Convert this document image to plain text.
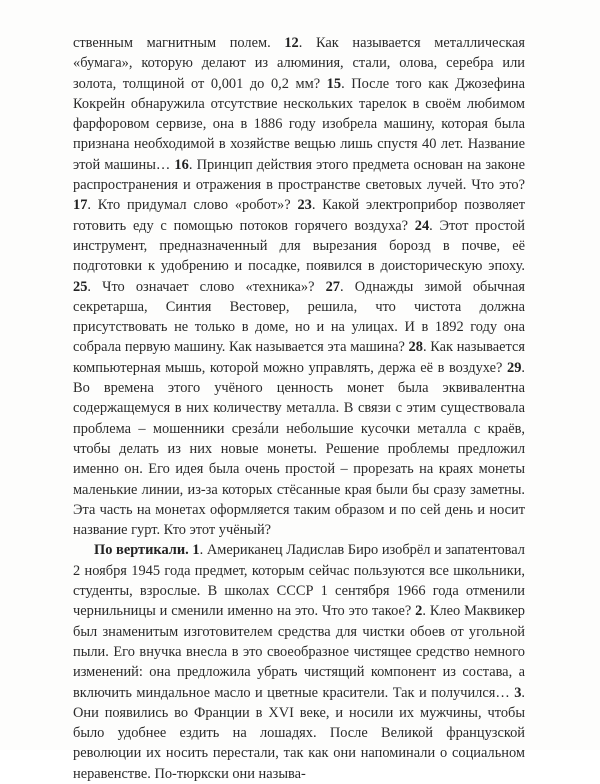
ственным магнитным полем. 12. Как называется металлическая «бумага», которую делают из алюминия, стали, олова, серебра или золота, толщиной от 0,001 до 0,2 мм? 15. После того как Джозефина Кокрейн обнаружила отсутствие нескольких тарелок в своём любимом фарфоровом сервизе, она в 1886 году изобрела машину, которая была признана необходимой в хозяйстве вещью лишь спустя 40 лет. Название этой машины… 16. Принцип действия этого предмета основан на законе распространения и отражения в пространстве световых лучей. Что это? 17. Кто придумал слово «робот»? 23. Какой электроприбор позволяет готовить еду с помощью потоков горячего воздуха? 24. Этот простой инструмент, предназначенный для вырезания борозд в почве, её подготовки к удобрению и посадке, появился в доисторическую эпоху. 25. Что означает слово «техника»? 27. Однажды зимой обычная секретарша, Синтия Вестовер, решила, что чистота должна присутствовать не только в доме, но и на улицах. И в 1892 году она собрала первую машину. Как называется эта машина? 28. Как называется компьютерная мышь, которой можно управлять, держа её в воздухе? 29. Во времена этого учёного ценность монет была эквивалентна содержащемуся в них количеству металла. В связи с этим существовала проблема – мошенники срезáли небольшие кусочки металла с краёв, чтобы делать из них новые монеты. Решение проблемы предложил именно он. Его идея была очень простой – прорезать на краях монеты маленькие линии, из-за которых стёсанные края были бы сразу заметны. Эта часть на монетах оформляется таким образом и по сей день и носит название гурт. Кто этот учёный?

По вертикали. 1. Американец Ладислав Биро изобрёл и запатентовал 2 ноября 1945 года предмет, которым сейчас пользуются все школьники, студенты, взрослые. В школах СССР 1 сентября 1966 года отменили чернильницы и сменили именно на это. Что это такое? 2. Клео Маквикер был знаменитым изготовителем средства для чистки обоев от угольной пыли. Его внучка внесла в это своеобразное чистящее средство немного изменений: она предложила убрать чистящий компонент из состава, а включить миндальное масло и цветные красители. Так и получился… 3. Они появились во Франции в XVI веке, и носили их мужчины, чтобы было удобнее ездить на лошадях. После Великой французской революции их носить перестали, так как они напоминали о социальном неравенстве. По-тюркски они называ-
